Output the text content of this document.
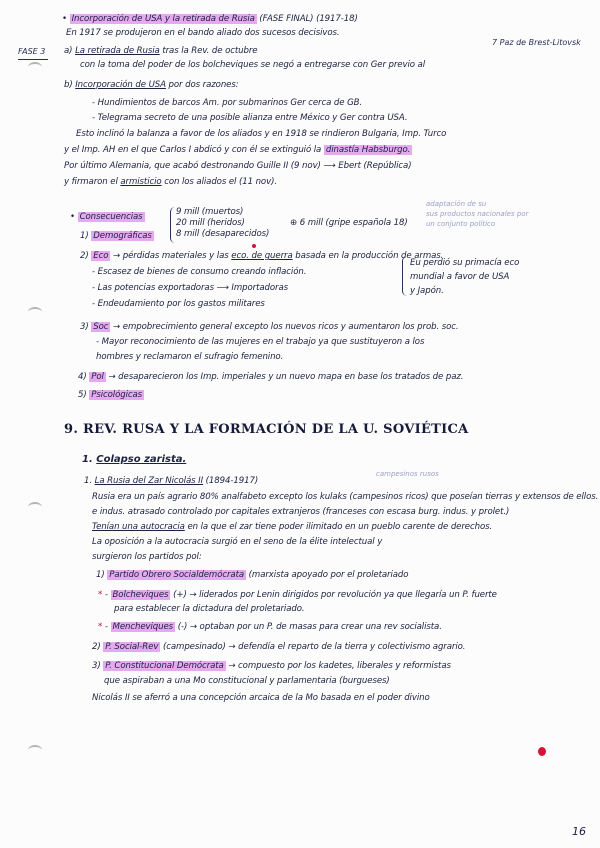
FASE 3
• Incorporación de USA y la retirada de Rusia (FASE FINAL) (1917-18)
En 1917 se produjeron en el bando aliado dos sucesos decisivos.
a) La retirada de Rusia tras la Rev. de octubre
7 Paz de Brest-Litovsk
con la toma del poder de los bolcheviques se negó a entregarse con Ger previo al
b) Incorporación de USA por dos razones:
- Hundimientos de barcos Am. por submarinos Ger cerca de GB.
- Telegrama secreto de una posible alianza entre México y Ger contra USA.
Esto inclinó la balanza a favor de los aliados y en 1918 se rindieron Bulgaria, Imp. Turco
y el Imp. AH en el que Carlos I abdicó y con él se extinguió la dinastía Habsburgo.
Por último Alemania, que acabó destronando Guille II (9 nov) ⟶ Ebert (República)
y firmaron el armisticio con los aliados el (11 nov).
• Consecuencias
adaptación de su
sus productos nacionales por
un conjunto político
1) Demográficas
9 mill (muertos)
20 mill (heridos)
8 mill (desaparecidos)
⊕ 6 mill (gripe española 18)
2) Eco → pérdidas materiales y las eco. de guerra basada en la producción de armas.
- Escasez de bienes de consumo creando inflación.
- Las potencias exportadoras ⟶ Importadoras
- Endeudamiento por los gastos militares
Eu perdió su primacía eco
mundial a favor de USA
y Japón.
3) Soc → empobrecimiento general excepto los nuevos ricos y aumentaron los prob. soc.
- Mayor reconocimiento de las mujeres en el trabajo ya que sustituyeron a los
hombres y reclamaron el sufragio femenino.
4) Pol → desaparecieron los Imp. imperiales y un nuevo mapa en base los tratados de paz.
5) Psicológicas
9. REV. RUSA Y LA FORMACIÓN DE LA U. SOVIÉTICA
1. Colapso zarista.
campesinos rusos
1. La Rusia del Zar Nicolás II (1894-1917)
Rusia era un país agrario 80% analfabeto excepto los kulaks (campesinos ricos) que poseían tierras y extensos de ellos.
e indus. atrasado controlado por capitales extranjeros (franceses con escasa burg. indus. y prolet.)
Tenían una autocracia en la que el zar tiene poder ilimitado en un pueblo carente de derechos.
La oposición a la autocracia surgió en el seno de la élite intelectual y
surgieron los partidos pol:
1) Partido Obrero Socialdemócrata (marxista apoyado por el proletariado
* - Bolcheviques (+) → liderados por Lenin dirigidos por revolución ya que llegaría un P. fuerte
para establecer la dictadura del proletariado.
* - Mencheviques (-) → optaban por un P. de masas para crear una rev socialista.
2) P. Social-Rev (campesinado) → defendía el reparto de la tierra y colectivismo agrario.
3) P. Constitucional Demócrata → compuesto por los kadetes, liberales y reformistas
que aspiraban a una Mo constitucional y parlamentaria (burgueses)
Nicolás II se aferró a una concepción arcaica de la Mo basada en el poder divino
16
